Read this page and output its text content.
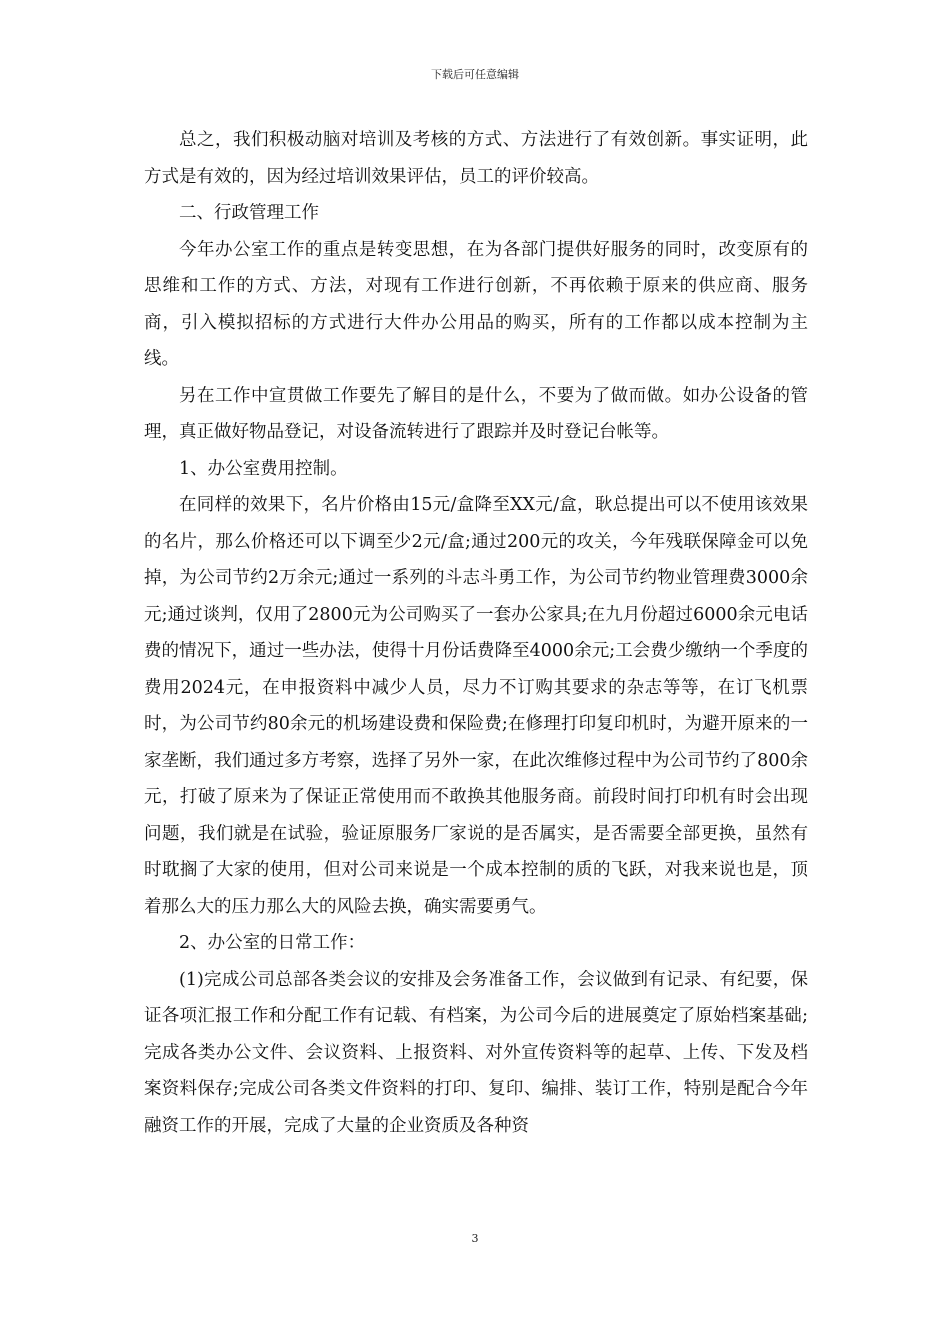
下载后可任意编辑

总之，我们积极动脑对培训及考核的方式、方法进行了有效创新。事实证明，此方式是有效的，因为经过培训效果评估，员工的评价较高。

二、行政管理工作

今年办公室工作的重点是转变思想，在为各部门提供好服务的同时，改变原有的思维和工作的方式、方法，对现有工作进行创新，不再依赖于原来的供应商、服务商，引入模拟招标的方式进行大件办公用品的购买，所有的工作都以成本控制为主线。

另在工作中宣贯做工作要先了解目的是什么，不要为了做而做。如办公设备的管理，真正做好物品登记，对设备流转进行了跟踪并及时登记台帐等。

1、办公室费用控制。

在同样的效果下，名片价格由15元/盒降至XX元/盒，耿总提出可以不使用该效果的名片，那么价格还可以下调至少2元/盒;通过200元的攻关，今年残联保障金可以免掉，为公司节约2万余元;通过一系列的斗志斗勇工作，为公司节约物业管理费3000余元;通过谈判，仅用了2800元为公司购买了一套办公家具;在九月份超过6000余元电话费的情况下，通过一些办法，使得十月份话费降至4000余元;工会费少缴纳一个季度的费用2024元，在申报资料中减少人员，尽力不订购其要求的杂志等等，在订飞机票时，为公司节约80余元的机场建设费和保险费;在修理打印复印机时，为避开原来的一家垄断，我们通过多方考察，选择了另外一家，在此次维修过程中为公司节约了800余元，打破了原来为了保证正常使用而不敢换其他服务商。前段时间打印机有时会出现问题，我们就是在试验，验证原服务厂家说的是否属实，是否需要全部更换，虽然有时耽搁了大家的使用，但对公司来说是一个成本控制的质的飞跃，对我来说也是，顶着那么大的压力那么大的风险去换，确实需要勇气。

2、办公室的日常工作：

(1)完成公司总部各类会议的安排及会务准备工作，会议做到有记录、有纪要，保证各项汇报工作和分配工作有记载、有档案，为公司今后的进展奠定了原始档案基础;完成各类办公文件、会议资料、上报资料、对外宣传资料等的起草、上传、下发及档案资料保存;完成公司各类文件资料的打印、复印、编排、装订工作，特别是配合今年融资工作的开展，完成了大量的企业资质及各种资

3
